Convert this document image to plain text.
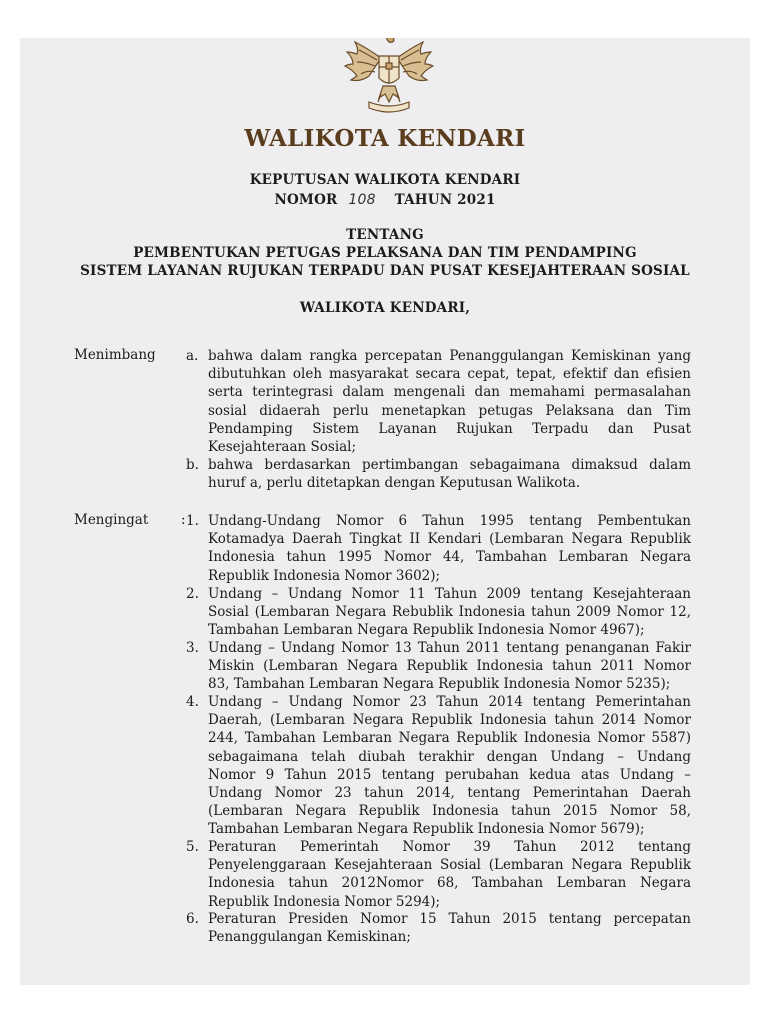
WALIKOTA KENDARI
KEPUTUSAN WALIKOTA KENDARI
NOMOR 108 TAHUN 2021
TENTANG
PEMBENTUKAN PETUGAS PELAKSANA DAN TIM PENDAMPING
SISTEM LAYANAN RUJUKAN TERPADU DAN PUSAT KESEJAHTERAAN SOSIAL
WALIKOTA KENDARI,
Menimbang a. bahwa dalam rangka percepatan Penanggulangan Kemiskinan yang
dibutuhkan oleh masyarakat secara cepat, tepat, efektif dan efisien
serta terintegrasi dalam mengenali dan memahami permasalahan
sosial didaerah perlu menetapkan petugas Pelaksana dan Tim
Pendamping Sistem Layanan Rujukan Terpadu dan Pusat
Kesejahteraan Sosial;
b. bahwa berdasarkan pertimbangan sebagaimana dimaksud dalam
huruf a, perlu ditetapkan dengan Keputusan Walikota.
Mengingat : 1. Undang-Undang Nomor 6 Tahun 1995 tentang Pembentukan
Kotamadya Daerah Tingkat II Kendari (Lembaran Negara Republik
Indonesia tahun 1995 Nomor 44, Tambahan Lembaran Negara
Republik Indonesia Nomor 3602);
2. Undang – Undang Nomor 11 Tahun 2009 tentang Kesejahteraan
Sosial (Lembaran Negara Rebublik Indonesia tahun 2009 Nomor 12,
Tambahan Lembaran Negara Republik Indonesia Nomor 4967);
3. Undang – Undang Nomor 13 Tahun 2011 tentang penanganan Fakir
Miskin (Lembaran Negara Republik Indonesia tahun 2011 Nomor
83, Tambahan Lembaran Negara Republik Indonesia Nomor 5235);
4. Undang – Undang Nomor 23 Tahun 2014 tentang Pemerintahan
Daerah, (Lembaran Negara Republik Indonesia tahun 2014 Nomor
244, Tambahan Lembaran Negara Republik Indonesia Nomor 5587)
sebagaimana telah diubah terakhir dengan Undang – Undang
Nomor 9 Tahun 2015 tentang perubahan kedua atas Undang –
Undang Nomor 23 tahun 2014, tentang Pemerintahan Daerah
(Lembaran Negara Republik Indonesia tahun 2015 Nomor 58,
Tambahan Lembaran Negara Republik Indonesia Nomor 5679);
5. Peraturan Pemerintah Nomor 39 Tahun 2012 tentang
Penyelenggaraan Kesejahteraan Sosial (Lembaran Negara Republik
Indonesia tahun 2012Nomor 68, Tambahan Lembaran Negara
Republik Indonesia Nomor 5294);
6. Peraturan Presiden Nomor 15 Tahun 2015 tentang percepatan
Penanggulangan Kemiskinan;
